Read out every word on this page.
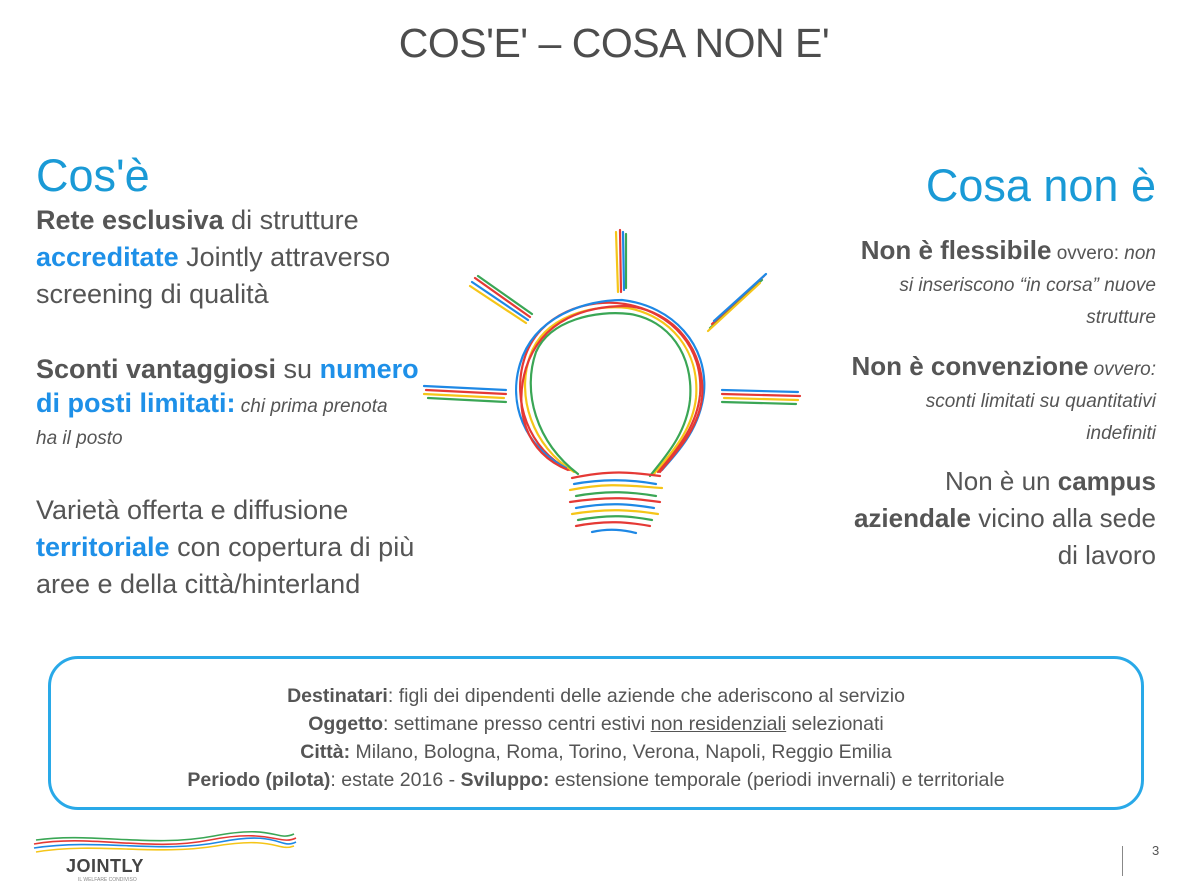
COS'E' – COSA NON E'
Cos'è
Rete esclusiva di strutture
accreditate Jointly attraverso
screening di qualità
Sconti vantaggiosi su numero
di posti limitati: chi prima prenota
ha il posto
Varietà offerta e diffusione
territoriale con copertura di più
aree e della città/hinterland
Cosa non è
Non è flessibile ovvero: non
si inseriscono “in corsa” nuove
strutture
Non è convenzione ovvero:
sconti limitati su quantitativi
indefiniti
Non è un campus
aziendale vicino alla sede
di lavoro
Destinatari: figli dei dipendenti delle aziende che aderiscono al servizio
Oggetto: settimane presso centri estivi non residenziali selezionati
Città: Milano, Bologna, Roma, Torino, Verona, Napoli, Reggio Emilia
Periodo (pilota): estate 2016 - Sviluppo: estensione temporale (periodi invernali) e territoriale
JOINTLY
IL WELFARE CONDIVISO
3
